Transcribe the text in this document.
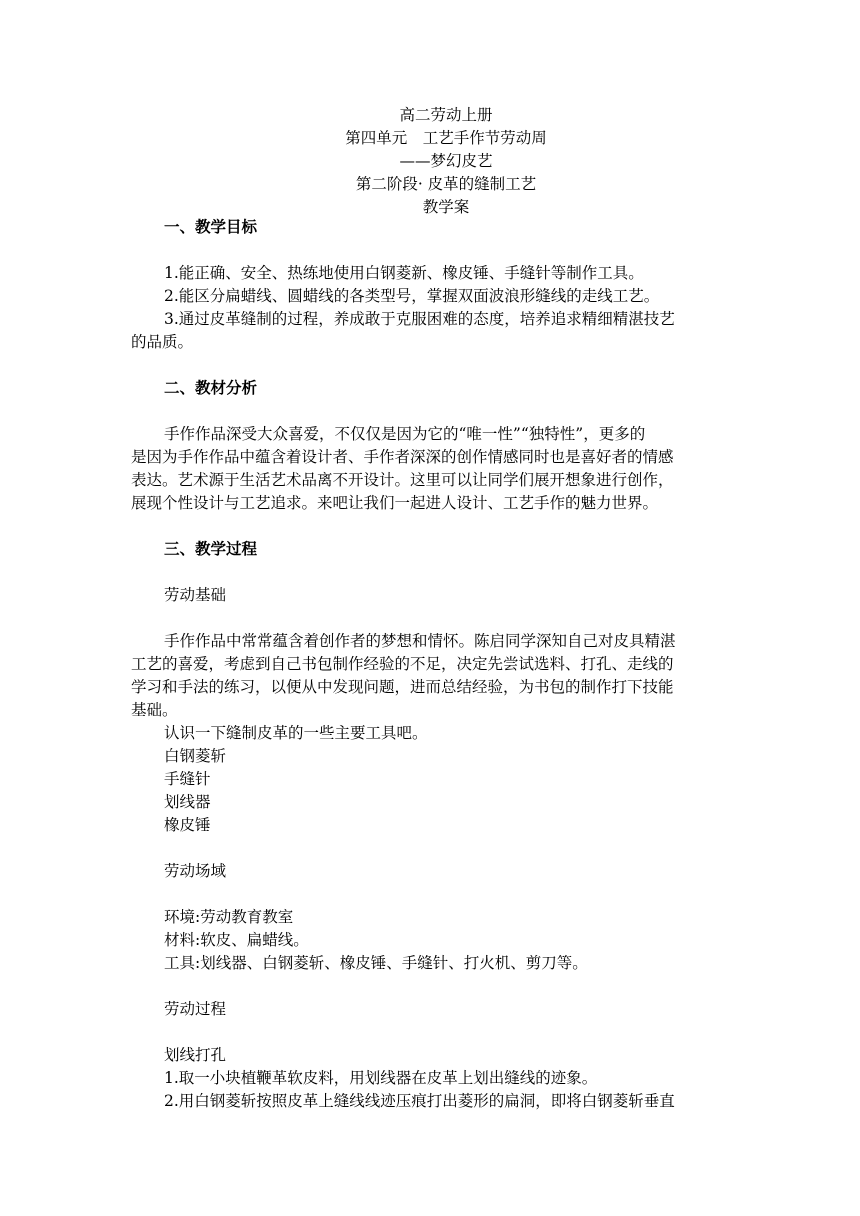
高二劳动上册
第四单元　工艺手作节劳动周
——梦幻皮艺
第二阶段· 皮革的缝制工艺
教学案
一、教学目标
1.能正确、安全、热练地使用白钢菱新、橡皮锤、手缝针等制作工具。
2.能区分扁蜡线、圆蜡线的各类型号，掌握双面波浪形缝线的走线工艺。
3.通过皮革缝制的过程，养成敢于克服困难的态度，培养追求精细精湛技艺
的品质。
二、教材分析
手作作品深受大众喜爱，不仅仅是因为它的“唯一性”“独特性”，更多的
是因为手作作品中蕴含着设计者、手作者深深的创作情感同时也是喜好者的情感
表达。艺术源于生活艺术品离不开设计。这里可以让同学们展开想象进行创作，
展现个性设计与工艺追求。来吧让我们一起进人设计、工艺手作的魅力世界。
三、教学过程
劳动基础
手作作品中常常蕴含着创作者的梦想和情怀。陈启同学深知自己对皮具精湛
工艺的喜爱，考虑到自己书包制作经验的不足，决定先尝试选料、打孔、走线的
学习和手法的练习，以便从中发现问题，进而总结经验，为书包的制作打下技能
基础。
认识一下缝制皮革的一些主要工具吧。
白钢菱斩
手缝针
划线器
橡皮锤
劳动场域
环境:劳动教育教室
材料:软皮、扁蜡线。
工具:划线器、白钢菱斩、橡皮锤、手缝针、打火机、剪刀等。
劳动过程
划线打孔
1.取一小块植鞭革软皮料，用划线器在皮革上划出缝线的迹象。
2.用白钢菱斩按照皮革上缝线线迹压痕打出菱形的扁洞，即将白钢菱斩垂直
